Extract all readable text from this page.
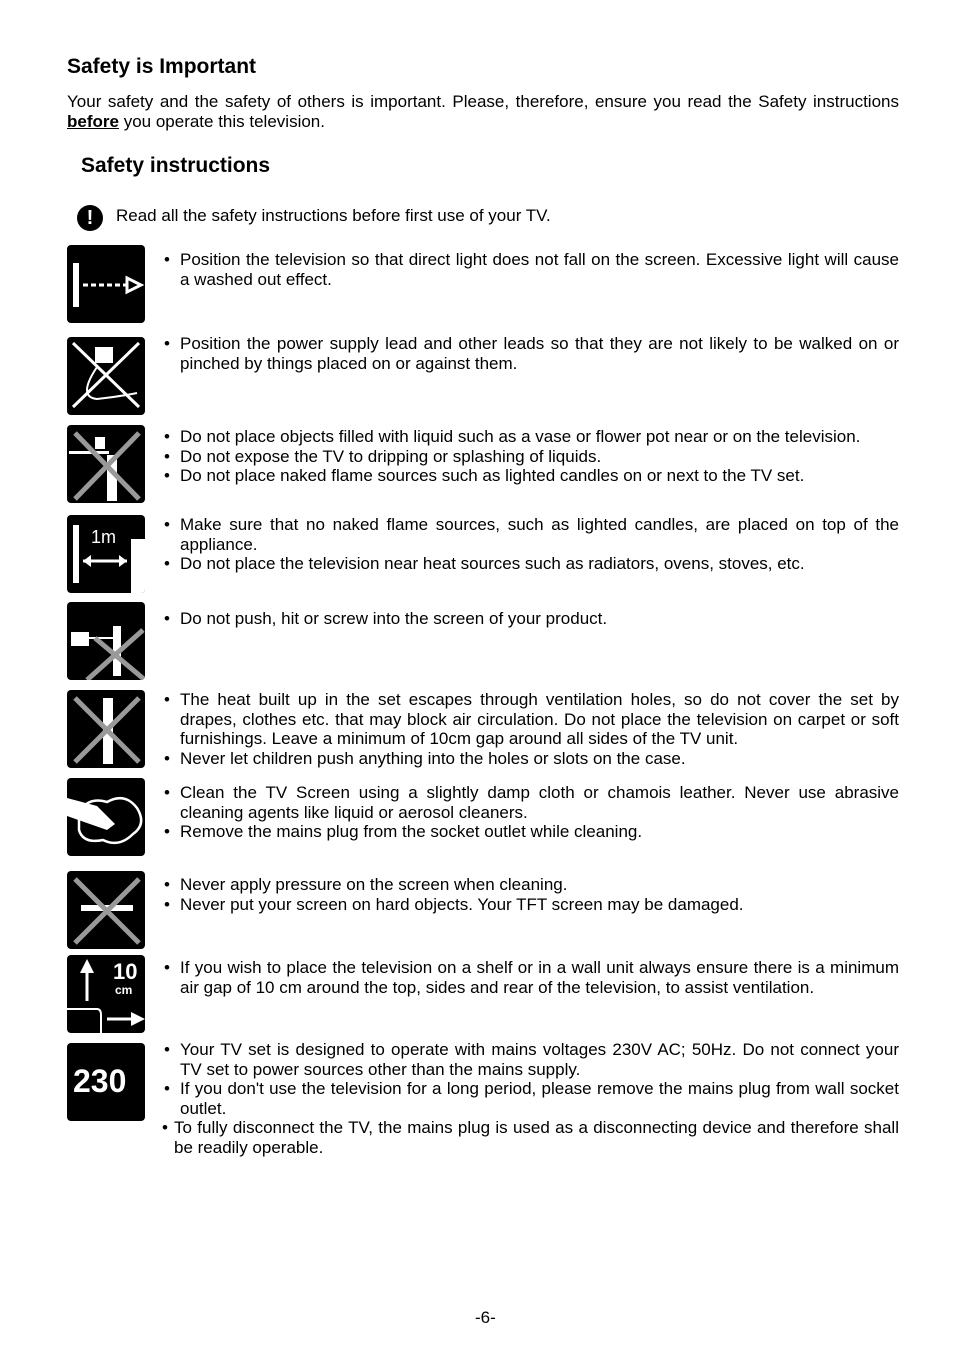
Safety is Important
Your safety and the safety of others is important. Please, therefore, ensure you read the Safety instructions before you operate this television.
Safety instructions
!	Read all the safety instructions before first use of your TV.
1m
10
cm
230
• Position the television so that direct light does not fall on the screen. Excessive light will cause a washed out effect.
• Position the power supply lead and other leads so that they are not likely to be walked on or pinched by things placed on or against them.
• Do not place objects filled with liquid such as a vase or flower pot near or on the television.
• Do not expose the TV to dripping or splashing of liquids.
• Do not place naked flame sources such as lighted candles on or next to the TV set.
• Make sure that no naked flame sources, such as lighted candles, are placed on top of the appliance.
• Do not place the television near heat sources such as radiators, ovens, stoves, etc.
• Do not push, hit or screw into the screen of your product.
• The heat built up in the set escapes through ventilation holes, so do not cover the set by drapes, clothes etc. that may block air circulation. Do not place the television on carpet or soft furnishings. Leave a minimum of 10cm gap around all sides of the TV unit.
• Never let children push anything into the holes or slots on the case.
• Clean the TV Screen using a slightly damp cloth or chamois leather. Never use abrasive cleaning agents like liquid or aerosol cleaners.
• Remove the mains plug from the socket outlet while cleaning.
• Never apply pressure on the screen when cleaning.
• Never put your screen on hard objects. Your TFT screen may be damaged.
• If you wish to place the television on a shelf or in a wall unit always ensure there is a minimum air gap of 10 cm around the top, sides and rear of the television, to assist ventilation.
• Your TV set is designed to operate with mains voltages 230V AC; 50Hz. Do not connect your TV set to power sources other than the mains supply.
• If you don't use the television for a long period, please remove the mains plug from wall socket outlet.
• To fully disconnect the TV, the mains plug is used as a disconnecting device and therefore shall be readily operable.
-6-
